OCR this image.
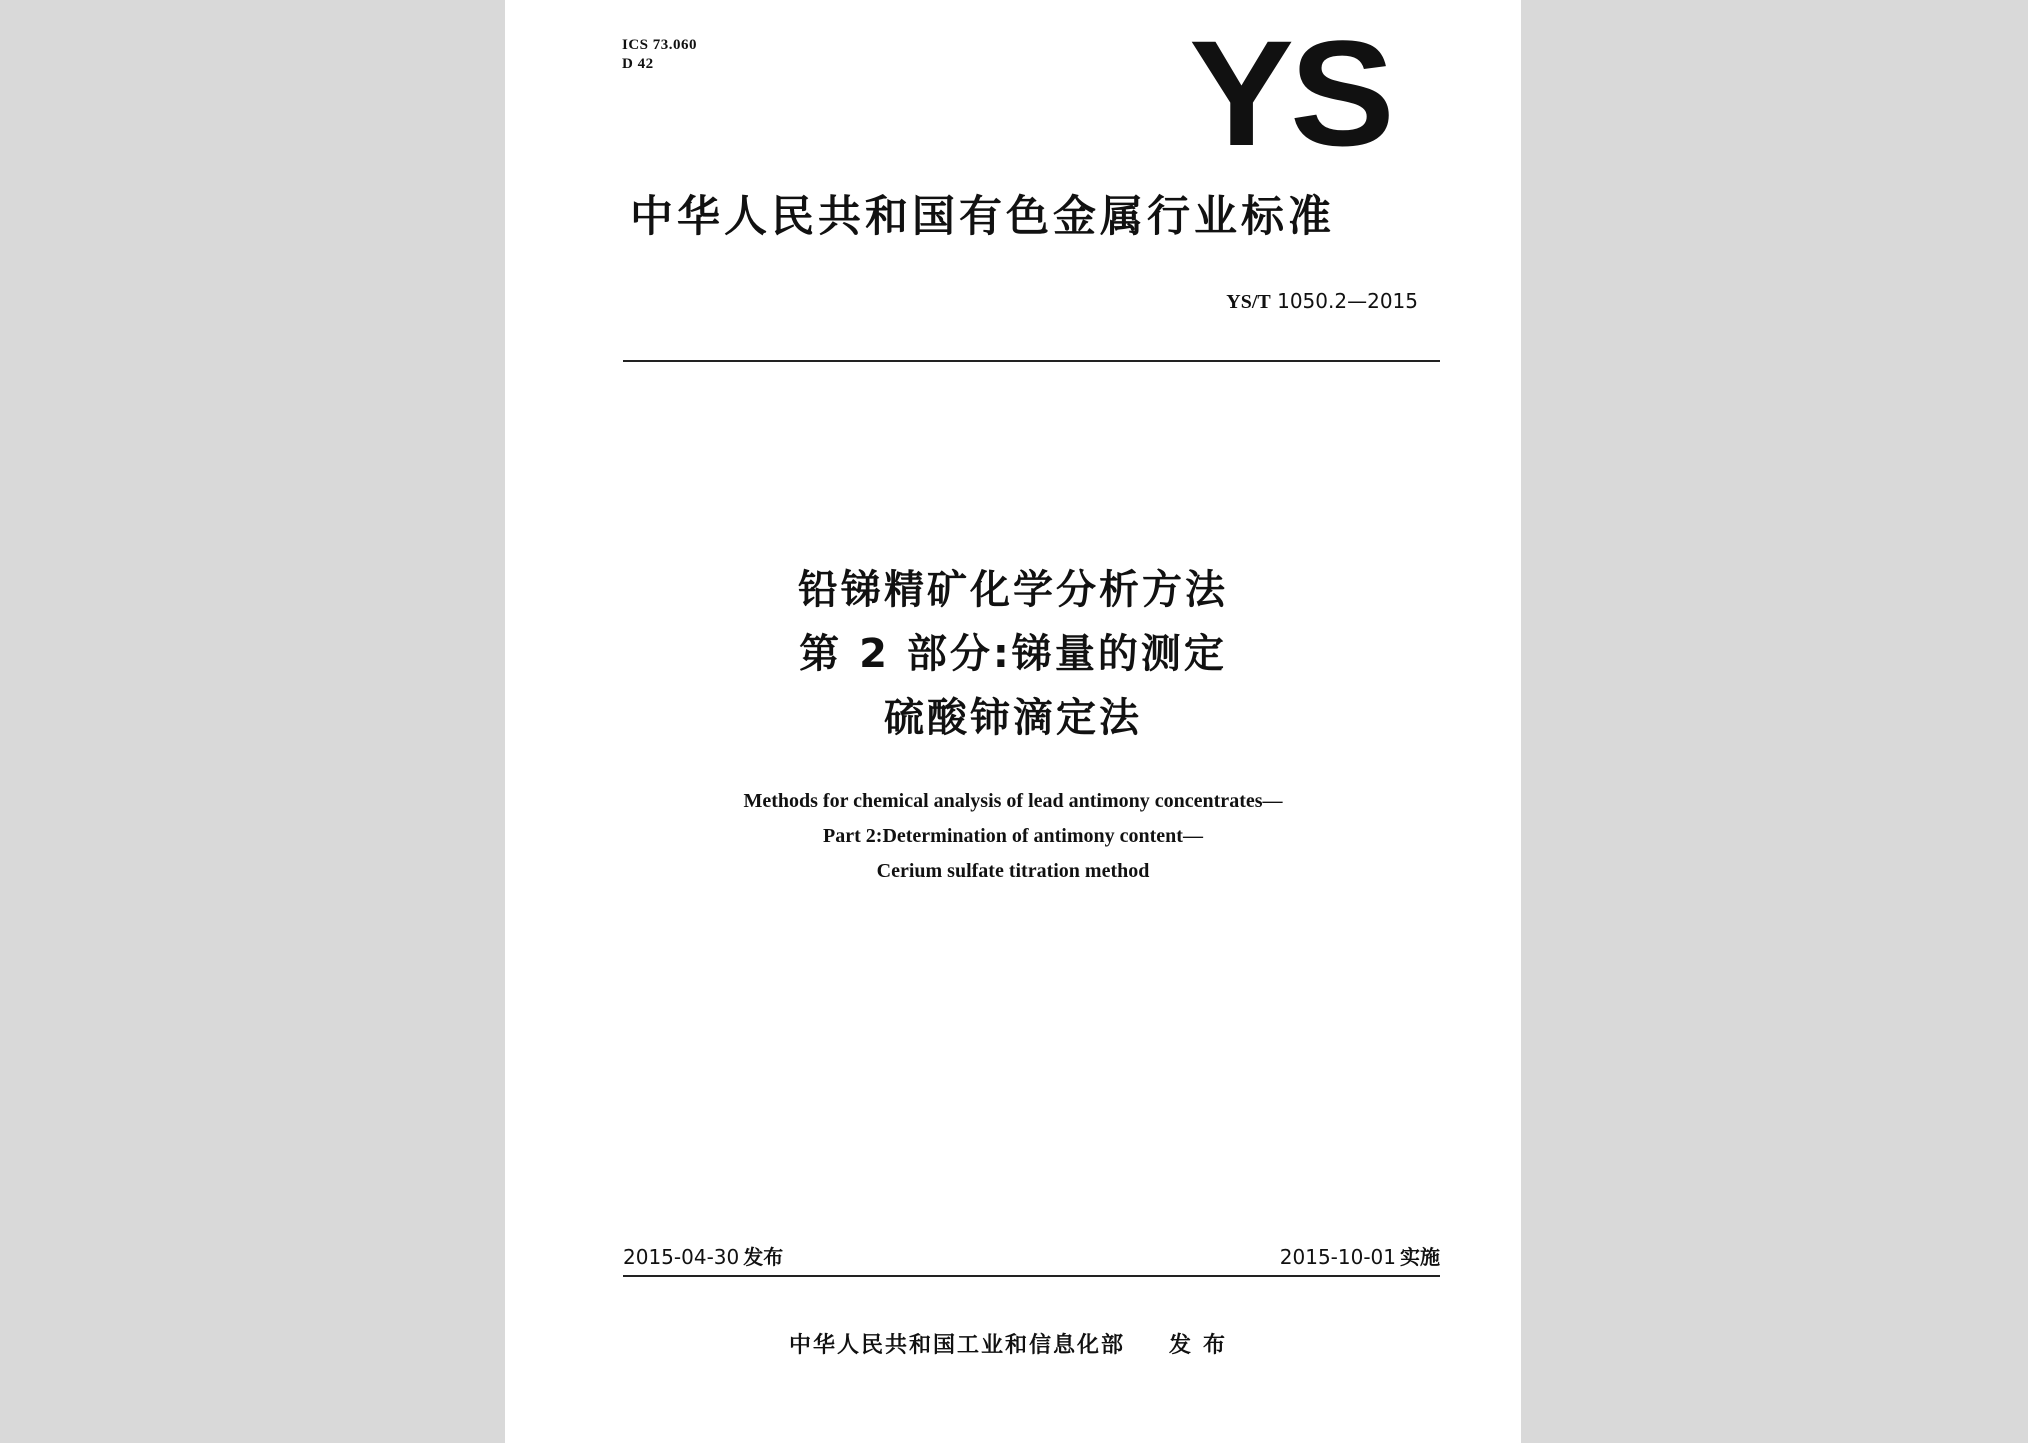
ICS 73.060
D 42	YS
中华人民共和国有色金属行业标准
YS/T 1050.2—2015
铅锑精矿化学分析方法
第 2 部分:锑量的测定
硫酸铈滴定法
Methods for chemical analysis of lead antimony concentrates—
Part 2:Determination of antimony content—
Cerium sulfate titration method
2015-04-30 发布	2015-10-01 实施
中华人民共和国工业和信息化部 发布
